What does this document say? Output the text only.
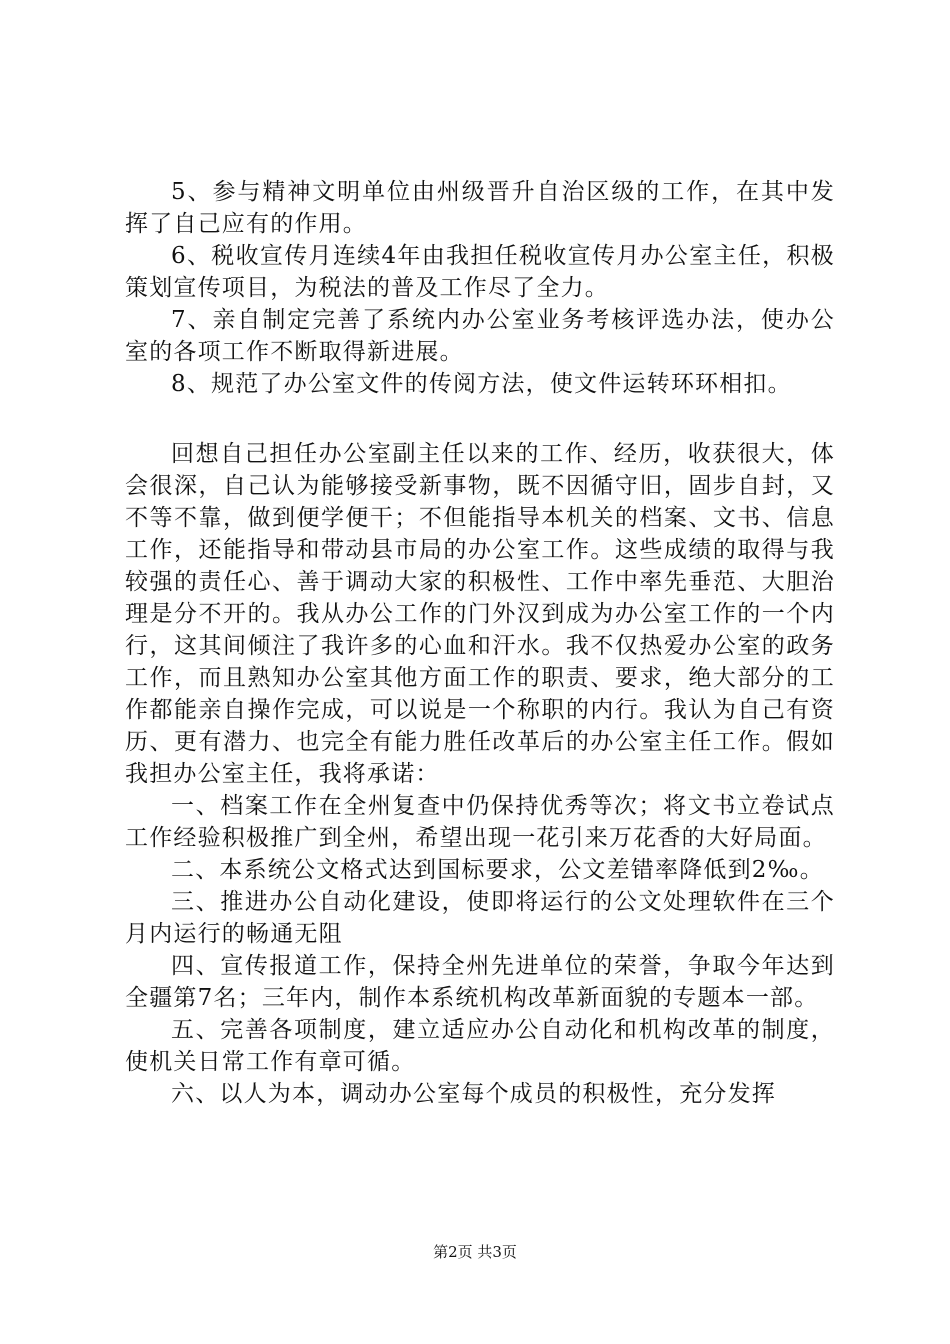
5、参与精神文明单位由州级晋升自治区级的工作，在其中发挥了自己应有的作用。

6、税收宣传月连续4年由我担任税收宣传月办公室主任，积极策划宣传项目，为税法的普及工作尽了全力。

7、亲自制定完善了系统内办公室业务考核评选办法，使办公室的各项工作不断取得新进展。

8、规范了办公室文件的传阅方法，使文件运转环环相扣。

回想自己担任办公室副主任以来的工作、经历，收获很大，体会很深，自己认为能够接受新事物，既不因循守旧，固步自封，又不等不靠，做到便学便干；不但能指导本机关的档案、文书、信息工作，还能指导和带动县市局的办公室工作。这些成绩的取得与我较强的责任心、善于调动大家的积极性、工作中率先垂范、大胆治理是分不开的。我从办公工作的门外汉到成为办公室工作的一个内行，这其间倾注了我许多的心血和汗水。我不仅热爱办公室的政务工作，而且熟知办公室其他方面工作的职责、要求，绝大部分的工作都能亲自操作完成，可以说是一个称职的内行。我认为自己有资历、更有潜力、也完全有能力胜任改革后的办公室主任工作。假如我担办公室主任，我将承诺：

一、档案工作在全州复查中仍保持优秀等次；将文书立卷试点工作经验积极推广到全州，希望出现一花引来万花香的大好局面。

二、本系统公文格式达到国标要求，公文差错率降低到2‰。

三、推进办公自动化建设，使即将运行的公文处理软件在三个月内运行的畅通无阻

四、宣传报道工作，保持全州先进单位的荣誉，争取今年达到全疆第7名；三年内，制作本系统机构改革新面貌的专题本一部。

五、完善各项制度，建立适应办公自动化和机构改革的制度，使机关日常工作有章可循。

六、以人为本，调动办公室每个成员的积极性，充分发挥

第2页 共3页
